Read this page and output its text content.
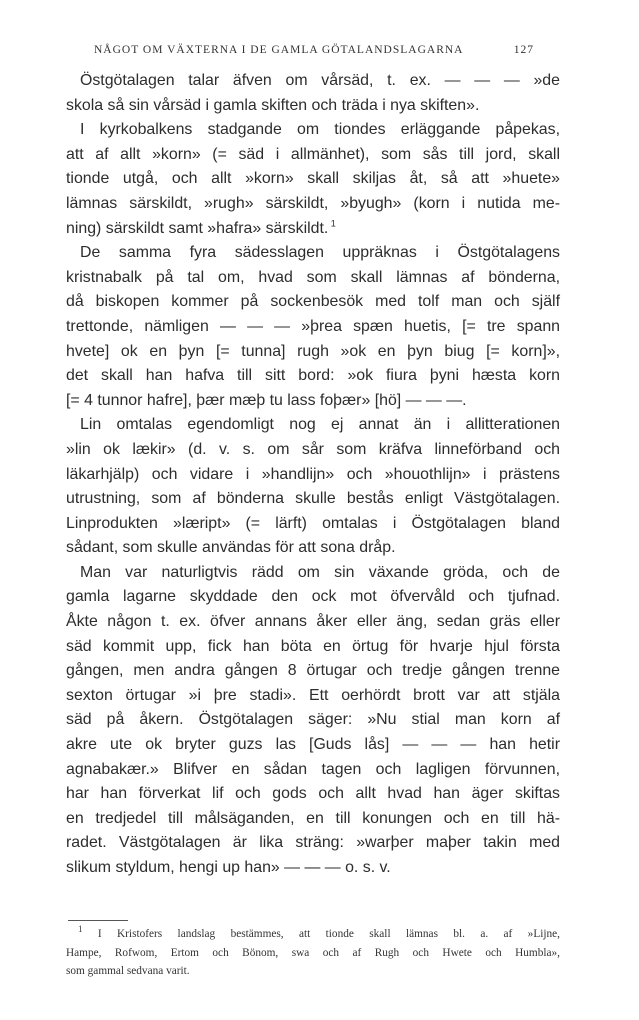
NÅGOT OM VÄXTERNA I DE GAMLA GÖTALANDSLAGARNA	127
Östgötalagen talar äfven om vårsäd, t. ex. — — — »de
skola så sin vårsäd i gamla skiften och träda i nya skiften».
I kyrkobalkens stadgande om tiondes erläggande påpekas,
att af allt »korn» (= säd i allmänhet), som sås till jord, skall
tionde utgå, och allt »korn» skall skiljas åt, så att »huete»
lämnas särskildt, »rugh» särskildt, »byugh» (korn i nutida me-
ning) särskildt samt »hafra» särskildt. $^1$
De samma fyra sädesslagen uppräknas i Östgötalagens
kristnabalk på tal om, hvad som skall lämnas af bönderna,
då biskopen kommer på sockenbesök med tolf man och själf
trettonde, nämligen — — — »þrea spæn huetis, [= tre spann
hvete] ok en þyn [= tunna] rugh »ok en þyn biug [= korn]»,
det skall han hafva till sitt bord: »ok fiura þyni hæsta korn
[= 4 tunnor hafre], þær mæþ tu lass foþær» [hö] — — —.
Lin omtalas egendomligt nog ej annat än i allitterationen
»lin ok lækir» (d. v. s. om sår som kräfva linneförband och
läkarhjälp) och vidare i »handlijn» och »houothlijn» i prästens
utrustning, som af bönderna skulle bestås enligt Västgötalagen.
Linprodukten »læript» (= lärft) omtalas i Östgötalagen bland
sådant, som skulle användas för att sona dråp.
Man var naturligtvis rädd om sin växande gröda, och de
gamla lagarne skyddade den ock mot öfvervåld och tjufnad.
Åkte någon t. ex. öfver annans åker eller äng, sedan gräs eller
säd kommit upp, fick han böta en örtug för hvarje hjul första
gången, men andra gången 8 örtugar och tredje gången trenne
sexton örtugar »i þre stadi». Ett oerhördt brott var att stjäla
säd på åkern. Östgötalagen säger: »Nu stial man korn af
akre ute ok bryter guzs las [Guds lås] — — — han hetir
agnabakær.» Blifver en sådan tagen och lagligen förvunnen,
har han förverkat lif och gods och allt hvad han äger skiftas
en tredjedel till målsäganden, en till konungen och en till hä-
radet. Västgötalagen är lika sträng: »warþer maþer takin med
slikum styldum, hengi up han» — — — o. s. v.
$^1$ I Kristofers landslag bestämmes, att tionde skall lämnas bl. a. af »Lijne,
Hampe, Rofwom, Ertom och Bönom, swa och af Rugh och Hwete och Humbla»,
som gammal sedvana varit.
